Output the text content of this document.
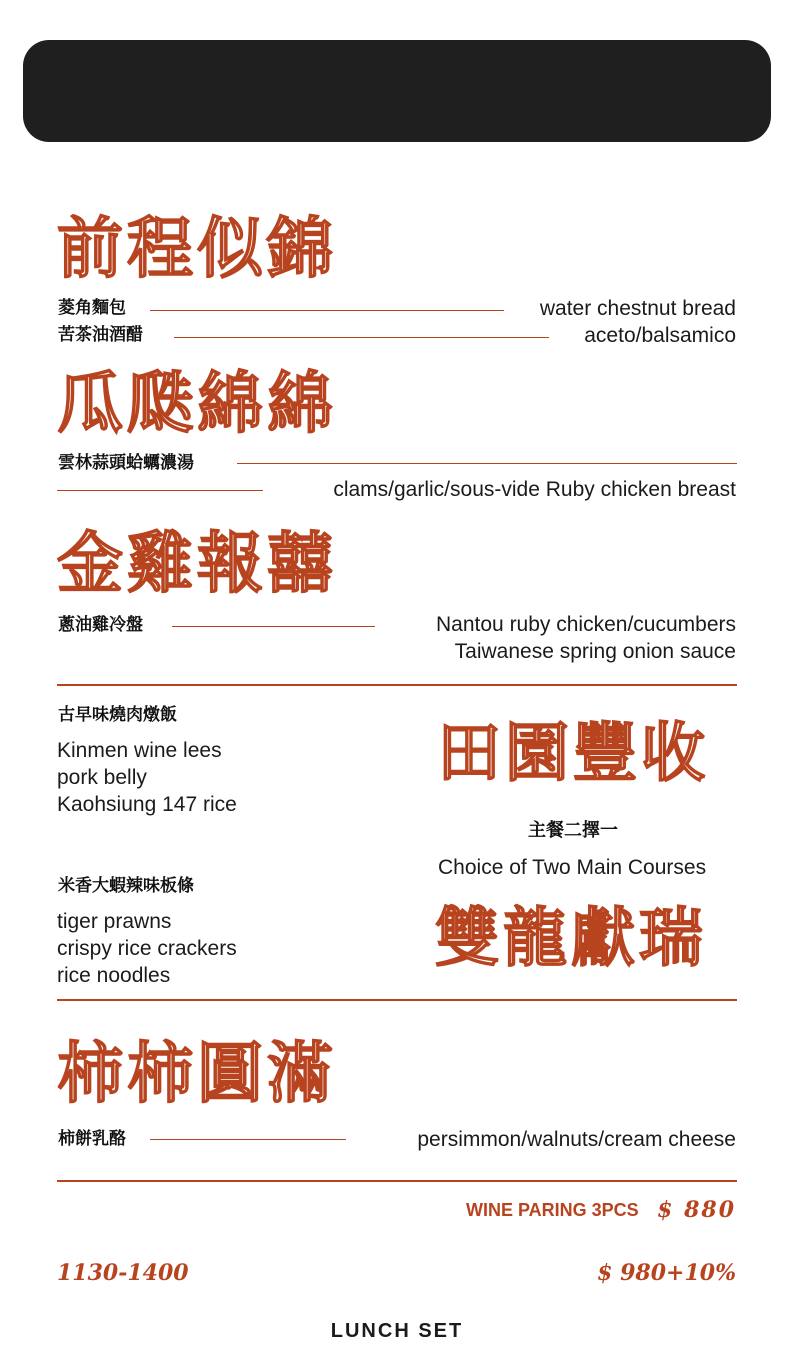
前程似錦
菱角麵包	water chestnut bread
苦茶油酒醋	aceto/balsamico
瓜瓞綿綿
雲林蒜頭蛤蠣濃湯
clams/garlic/sous-vide Ruby chicken breast
金雞報囍
蔥油雞冷盤	Nantou ruby chicken/cucumbers
Taiwanese spring onion sauce
古早味燒肉燉飯
Kinmen wine lees
pork belly
Kaohsiung 147 rice
田園豐收
主餐二擇一
Choice of Two Main Courses
米香大蝦辣味板條
tiger prawns
crispy rice crackers
rice noodles	雙龍獻瑞
柿柿圓滿
柿餅乳酪	persimmon/walnuts/cream cheese
WINE PARING 3PCS $ 880
1130-1400	$ 980+10%
LUNCH SET
